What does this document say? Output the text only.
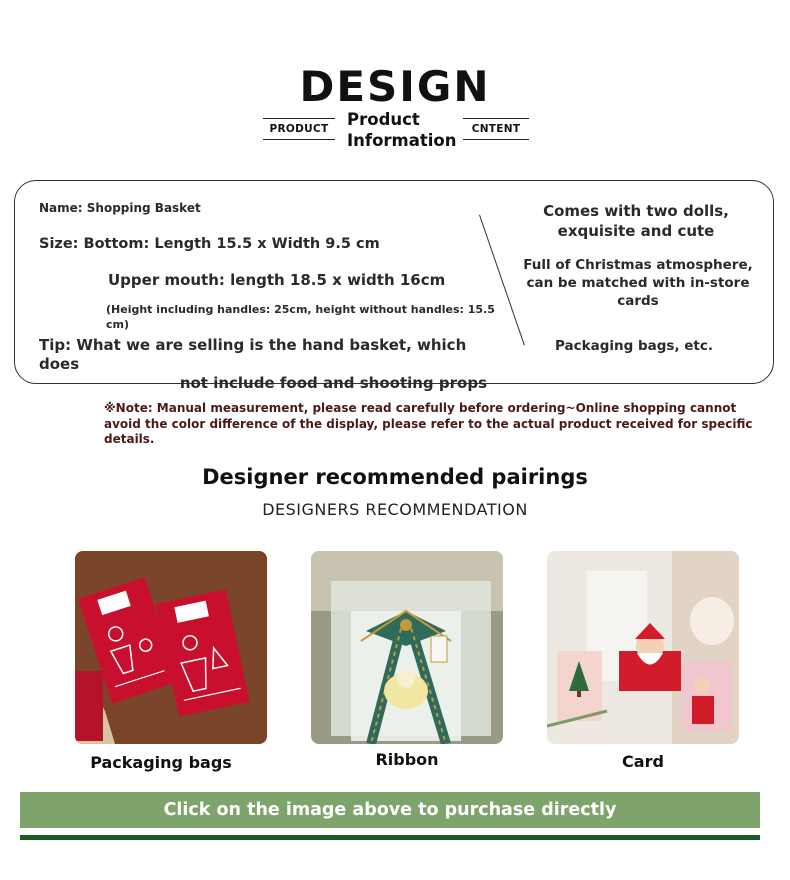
DESIGN
PRODUCT	Product
Information
CNTENT
Name: Shopping Basket
Size: Bottom: Length 15.5 x Width 9.5 cm
Upper mouth: length 18.5 x width 16cm
(Height including handles: 25cm, height without handles: 15.5 cm)
Tip: What we are selling is the hand basket, which does
not include food and shooting props
Comes with two dolls, exquisite and cute
Full of Christmas atmosphere, can be matched with in-store cards
Packaging bags, etc.
※Note: Manual measurement, please read carefully before ordering~Online shopping cannot avoid the color difference of the display, please refer to the actual product received for specific details.
Designer recommended pairings
DESIGNERS RECOMMENDATION
Packaging bags	Ribbon	Card
Click on the image above to purchase directly
